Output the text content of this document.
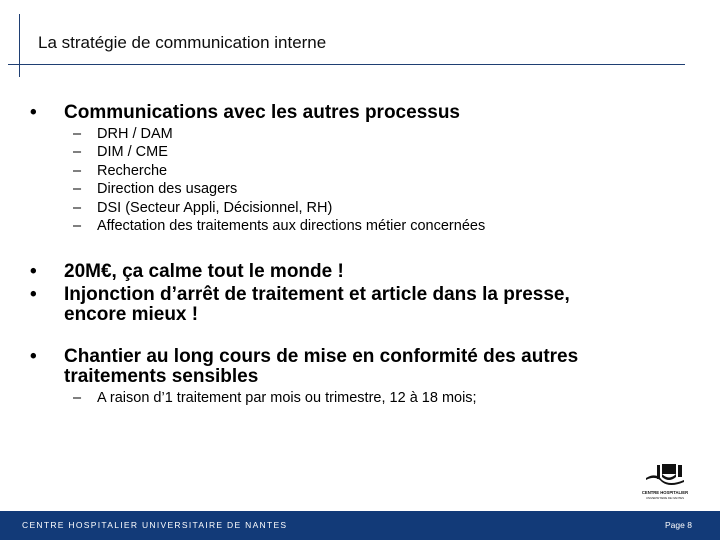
La stratégie de communication interne
• Communications avec les autres processus
– DRH / DAM
– DIM / CME
– Recherche
– Direction des usagers
– DSI (Secteur Appli, Décisionnel, RH)
– Affectation des traitements aux directions métier concernées
• 20M€, ça calme tout le monde !
• Injonction d’arrêt de traitement et article dans la presse,
encore mieux !
• Chantier au long cours de mise en conformité des autres
traitements sensibles
– A raison d’1 traitement par mois ou trimestre, 12 à 18 mois;
CENTRE HOSPITALIER
UNIVERSITAIRE DE NANTES
CENTRE HOSPITALIER UNIVERSITAIRE DE NANTES	Page 8
